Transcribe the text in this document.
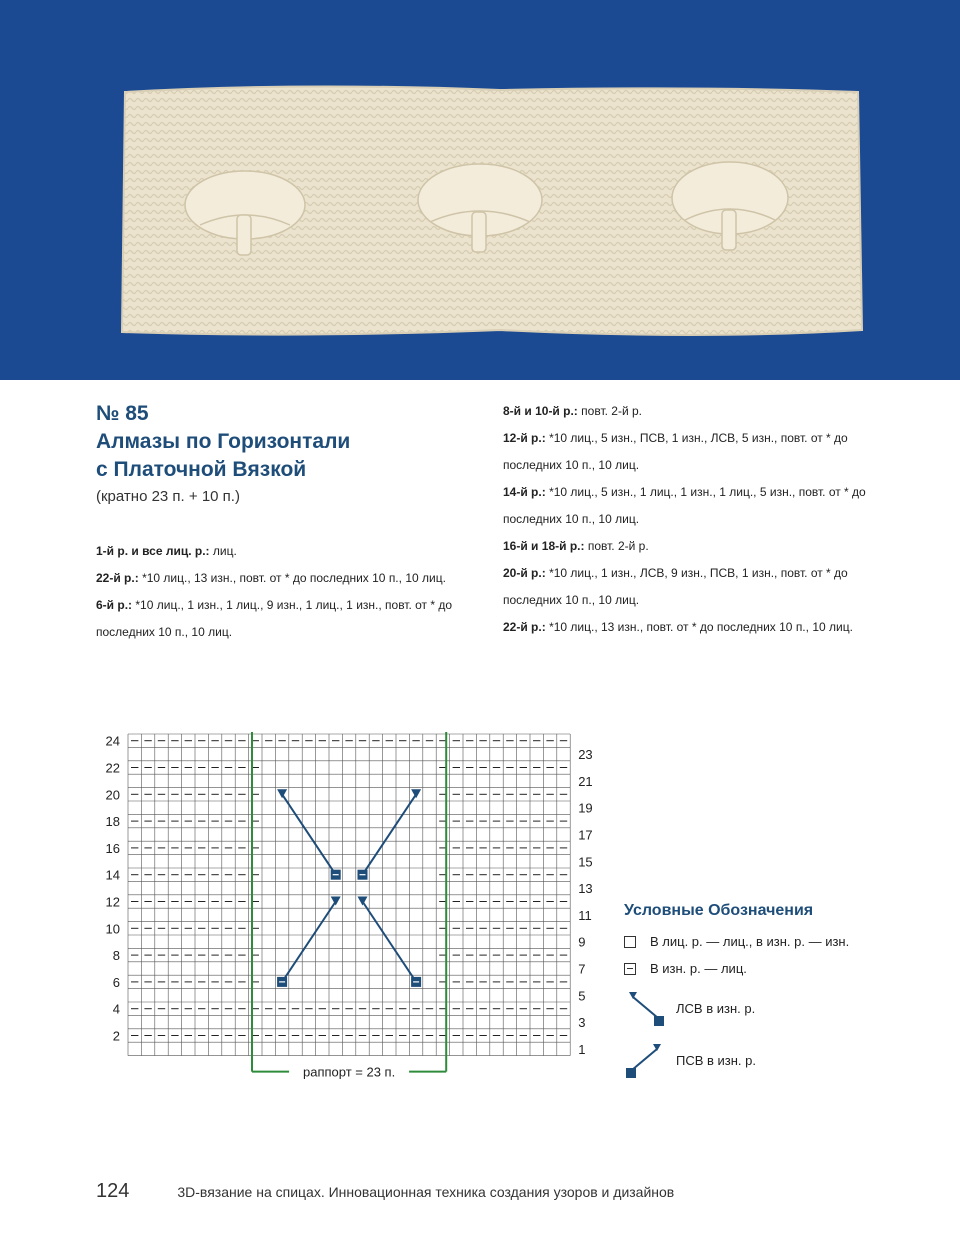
№ 85
Алмазы по Горизонтали
с Платочной Вязкой
(кратно 23 п. + 10 п.)
1-й р. и все лиц. р.: лиц.
22-й р.: *10 лиц., 13 изн., повт. от * до последних 10 п., 10 лиц.
6-й р.: *10 лиц., 1 изн., 1 лиц., 9 изн., 1 лиц., 1 изн., повт. от * до
последних 10 п., 10 лиц.
8-й и 10-й р.: повт. 2-й р.
12-й р.: *10 лиц., 5 изн., ПСВ, 1 изн., ЛСВ, 5 изн., повт. от * до
последних 10 п., 10 лиц.
14-й р.: *10 лиц., 5 изн., 1 лиц., 1 изн., 1 лиц., 5 изн., повт. от * до
последних 10 п., 10 лиц.
16-й и 18-й р.: повт. 2-й р.
20-й р.: *10 лиц., 1 изн., ЛСВ, 9 изн., ПСВ, 1 изн., повт. от * до
последних 10 п., 10 лиц.
22-й р.: *10 лиц., 13 изн., повт. от * до последних 10 п., 10 лиц.
раппорт = 23 п.
24
22
20
18
16
14
12
10
8
6
4
2
23
21
19
17
15
13
11
9
7
5
3
1
Условные Обозначения
В лиц. р. — лиц., в изн. р. — изн.
В изн. р. — лиц.
ЛСВ в изн. р.
ПСВ в изн. р.
124	3D-вязание на спицах. Инновационная техника создания узоров и дизайнов
